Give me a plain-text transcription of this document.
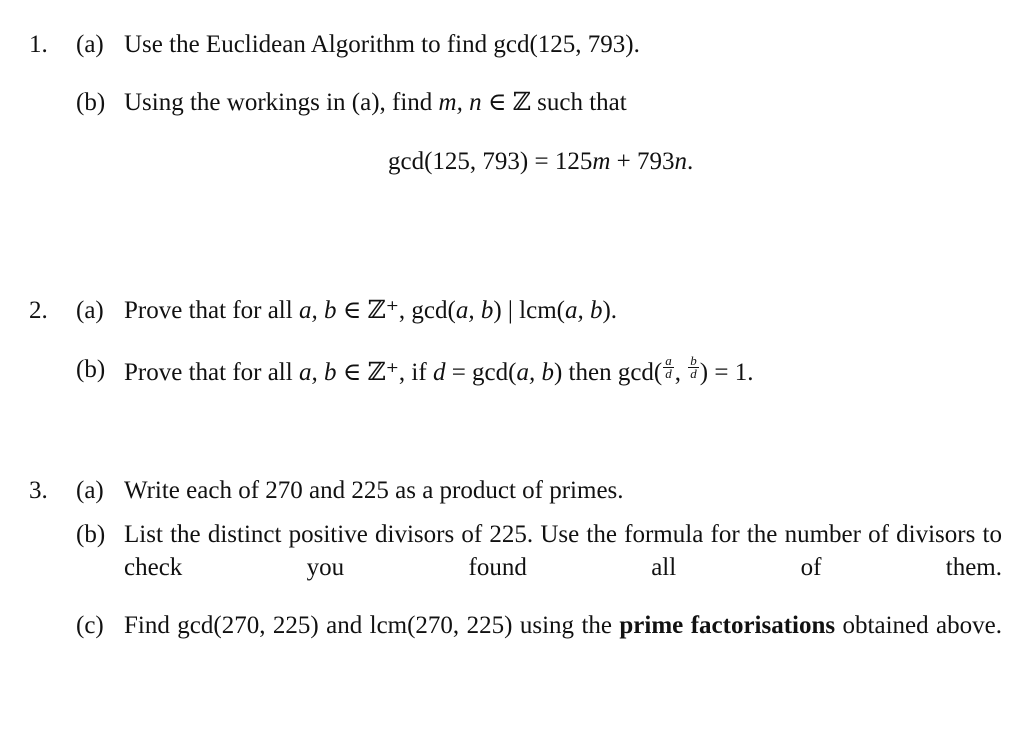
1. (a) Use the Euclidean Algorithm to find gcd(125, 793).
(b) Using the workings in (a), find m, n ∈ ℤ such that
gcd(125, 793) = 125m + 793n.
2. (a) Prove that for all a, b ∈ ℤ⁺, gcd(a, b) | lcm(a, b).
(b) Prove that for all a, b ∈ ℤ⁺, if d = gcd(a, b) then $\gcd( \frac{a}{d}$ , $\frac{b}{d}$ ) = 1.
3. (a) Write each of 270 and 225 as a product of primes.
(b) List the distinct positive divisors of 225. Use the formula for the number of divisors to check you found all of them.
(c) Find gcd(270, 225) and lcm(270, 225) using the prime factorisations obtained above.
